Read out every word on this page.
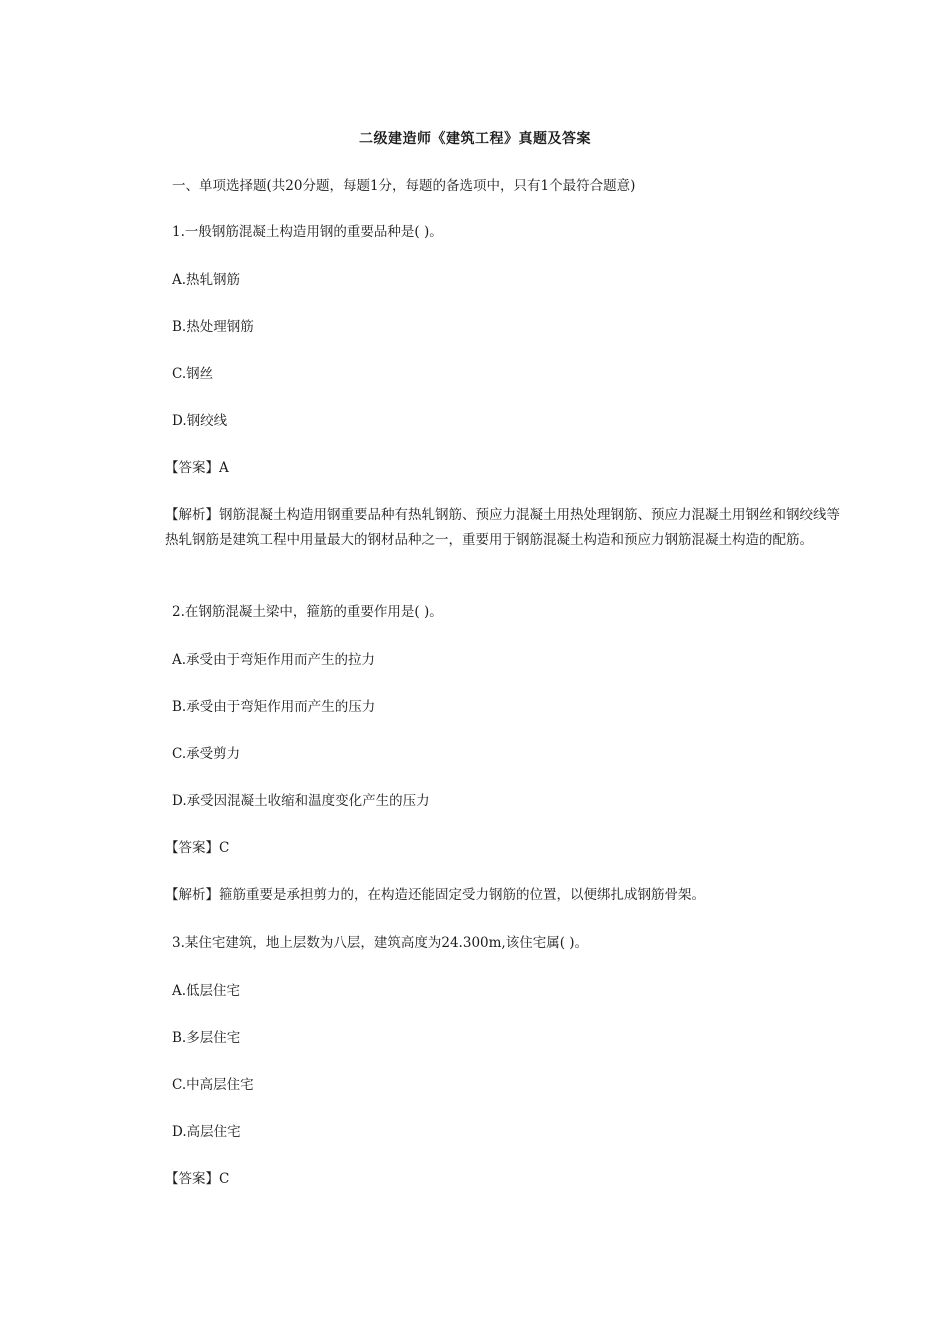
二级建造师《建筑工程》真题及答案
一、单项选择题(共20分题，每题1分，每题的备选项中，只有1个最符合题意)
1.一般钢筋混凝土构造用钢的重要品种是( )。
A.热轧钢筋
B.热处理钢筋
C.钢丝
D.钢绞线
【答案】A
【解析】钢筋混凝土构造用钢重要品种有热轧钢筋、预应力混凝土用热处理钢筋、预应力混凝土用钢丝和钢绞线等热轧钢筋是建筑工程中用量最大的钢材品种之一，重要用于钢筋混凝土构造和预应力钢筋混凝土构造的配筋。
2.在钢筋混凝土梁中，箍筋的重要作用是( )。
A.承受由于弯矩作用而产生的拉力
B.承受由于弯矩作用而产生的压力
C.承受剪力
D.承受因混凝土收缩和温度变化产生的压力
【答案】C
【解析】箍筋重要是承担剪力的，在构造还能固定受力钢筋的位置，以便绑扎成钢筋骨架。
3.某住宅建筑，地上层数为八层，建筑高度为24.300m,该住宅属( )。
A.低层住宅
B.多层住宅
C.中高层住宅
D.高层住宅
【答案】C
